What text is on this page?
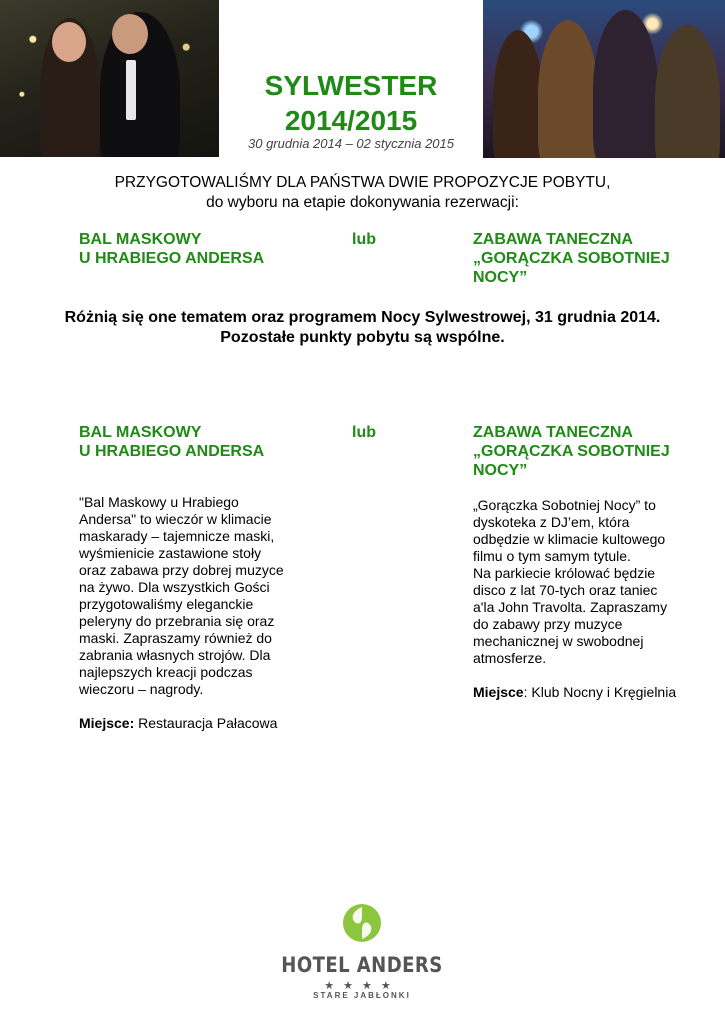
SYLWESTER
2014/2015
30 grudnia 2014 – 02 stycznia 2015
PRZYGOTOWALIŚMY DLA PAŃSTWA DWIE PROPOZYCJE POBYTU,
do wyboru na etapie dokonywania rezerwacji:
BAL MASKOWY
U HRABIEGO ANDERSA
lub	ZABAWA TANECZNA
„GORĄCZKA SOBOTNIEJ
NOCY”
Różnią się one tematem oraz programem Nocy Sylwestrowej, 31 grudnia 2014.
Pozostałe punkty pobytu są wspólne.
BAL MASKOWY
U HRABIEGO ANDERSA
lub	ZABAWA TANECZNA
„GORĄCZKA SOBOTNIEJ
NOCY”
"Bal Maskowy u Hrabiego
Andersa" to wieczór w klimacie
maskarady – tajemnicze maski,
wyśmienicie zastawione stoły
oraz zabawa przy dobrej muzyce
na żywo. Dla wszystkich Gości
przygotowaliśmy eleganckie
peleryny do przebrania się oraz
maski. Zapraszamy również do
zabrania własnych strojów. Dla
najlepszych kreacji podczas
wieczoru – nagrody.
Miejsce: Restauracja Pałacowa
„Gorączka Sobotniej Nocy” to
dyskoteka z DJ’em, która
odbędzie w klimacie kultowego
filmu o tym samym tytule.
Na parkiecie królować będzie
disco z lat 70-tych oraz taniec
a'la John Travolta. Zapraszamy
do zabawy przy muzyce
mechanicznej w swobodnej
atmosferze.
Miejsce: Klub Nocny i Kręgielnia
HOTEL ANDERS
★★★★
STARE JABŁONKI
